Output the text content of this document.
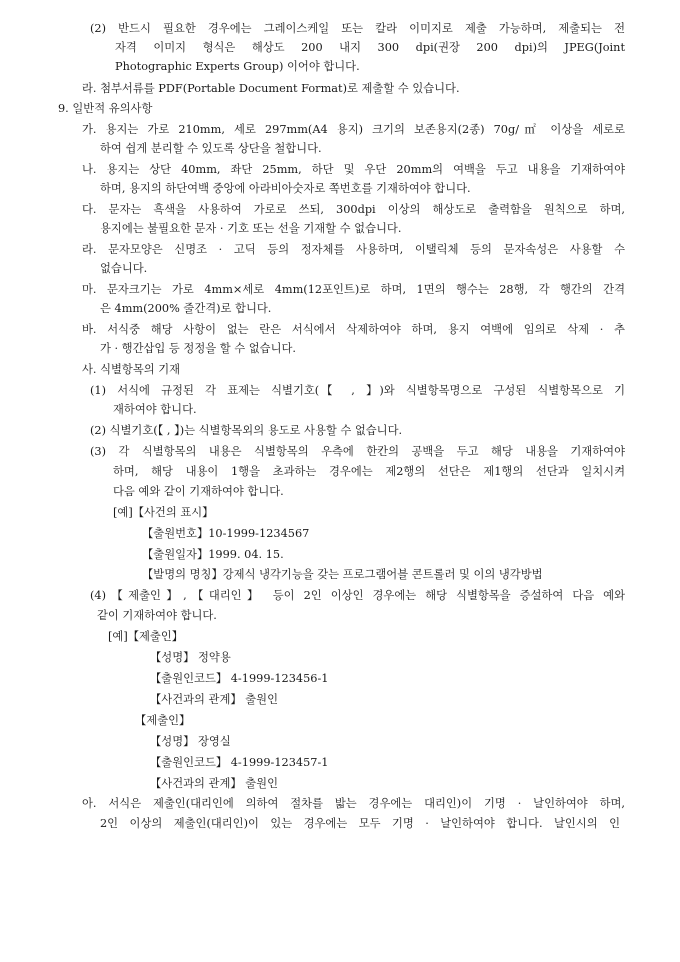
(2) 반드시 필요한 경우에는 그레이스케일 또는 칼라 이미지로 제출 가능하며, 제출되는 전
자격 이미지 형식은 해상도 200 내지 300 dpi(권장 200 dpi)의 JPEG(Joint
Photographic Experts Group) 이어야 합니다.
라. 첨부서류를 PDF(Portable Document Format)로 제출할 수 있습니다.
9. 일반적 유의사항
가. 용지는 가로 210mm, 세로 297mm(A4 용지) 크기의 보존용지(2종) 70g/㎡ 이상을 세로로
하여 쉽게 분리할 수 있도록 상단을 철합니다.
나. 용지는 상단 40mm, 좌단 25mm, 하단 및 우단 20mm의 여백을 두고 내용을 기재하여야
하며, 용지의 하단여백 중앙에 아라비아숫자로 쪽번호를 기재하여야 합니다.
다. 문자는 흑색을 사용하여 가로로 쓰되, 300dpi 이상의 해상도로 출력함을 원칙으로 하며,
용지에는 불필요한 문자 · 기호 또는 선을 기재할 수 없습니다.
라. 문자모양은 신명조 · 고딕 등의 정자체를 사용하며, 이탤릭체 등의 문자속성은 사용할 수
없습니다.
마. 문자크기는 가로 4mm×세로 4mm(12포인트)로 하며, 1면의 행수는 28행, 각 행간의 간격
은 4mm(200% 줄간격)로 합니다.
바. 서식중 해당 사항이 없는 란은 서식에서 삭제하여야 하며, 용지 여백에 임의로 삭제 · 추
가 · 행간삽입 등 정정을 할 수 없습니다.
사. 식별항목의 기재
(1) 서식에 규정된 각 표제는 식별기호(【 , 】)와 식별항목명으로 구성된 식별항목으로 기
재하여야 합니다.
(2) 식별기호(【 , 】)는 식별항목외의 용도로 사용할 수 없습니다.
(3) 각 식별항목의 내용은 식별항목의 우측에 한칸의 공백을 두고 해당 내용을 기재하여야
하며, 해당 내용이 1행을 초과하는 경우에는 제2행의 선단은 제1행의 선단과 일치시켜
다음 예와 같이 기재하여야 합니다.
[예]【사건의 표시】
【출원번호】10-1999-1234567
【출원일자】1999. 04. 15.
【발명의 명칭】강제식 냉각기능을 갖는 프로그램어블 콘트롤러 및 이의 냉각방법
(4)【제출인】,【대리인】 등이 2인 이상인 경우에는 해당 식별항목을 증설하여 다음 예와
같이 기재하여야 합니다.
[예]【제출인】
【성명】 정약용
【출원인코드】 4-1999-123456-1
【사건과의 관계】 출원인
【제출인】
【성명】 장영실
【출원인코드】 4-1999-123457-1
【사건과의 관계】 출원인
아. 서식은 제출인(대리인에 의하여 절차를 밟는 경우에는 대리인)이 기명 · 날인하여야 하며,
2인 이상의 제출인(대리인)이 있는 경우에는 모두 기명 · 날인하여야 합니다. 날인시의 인
